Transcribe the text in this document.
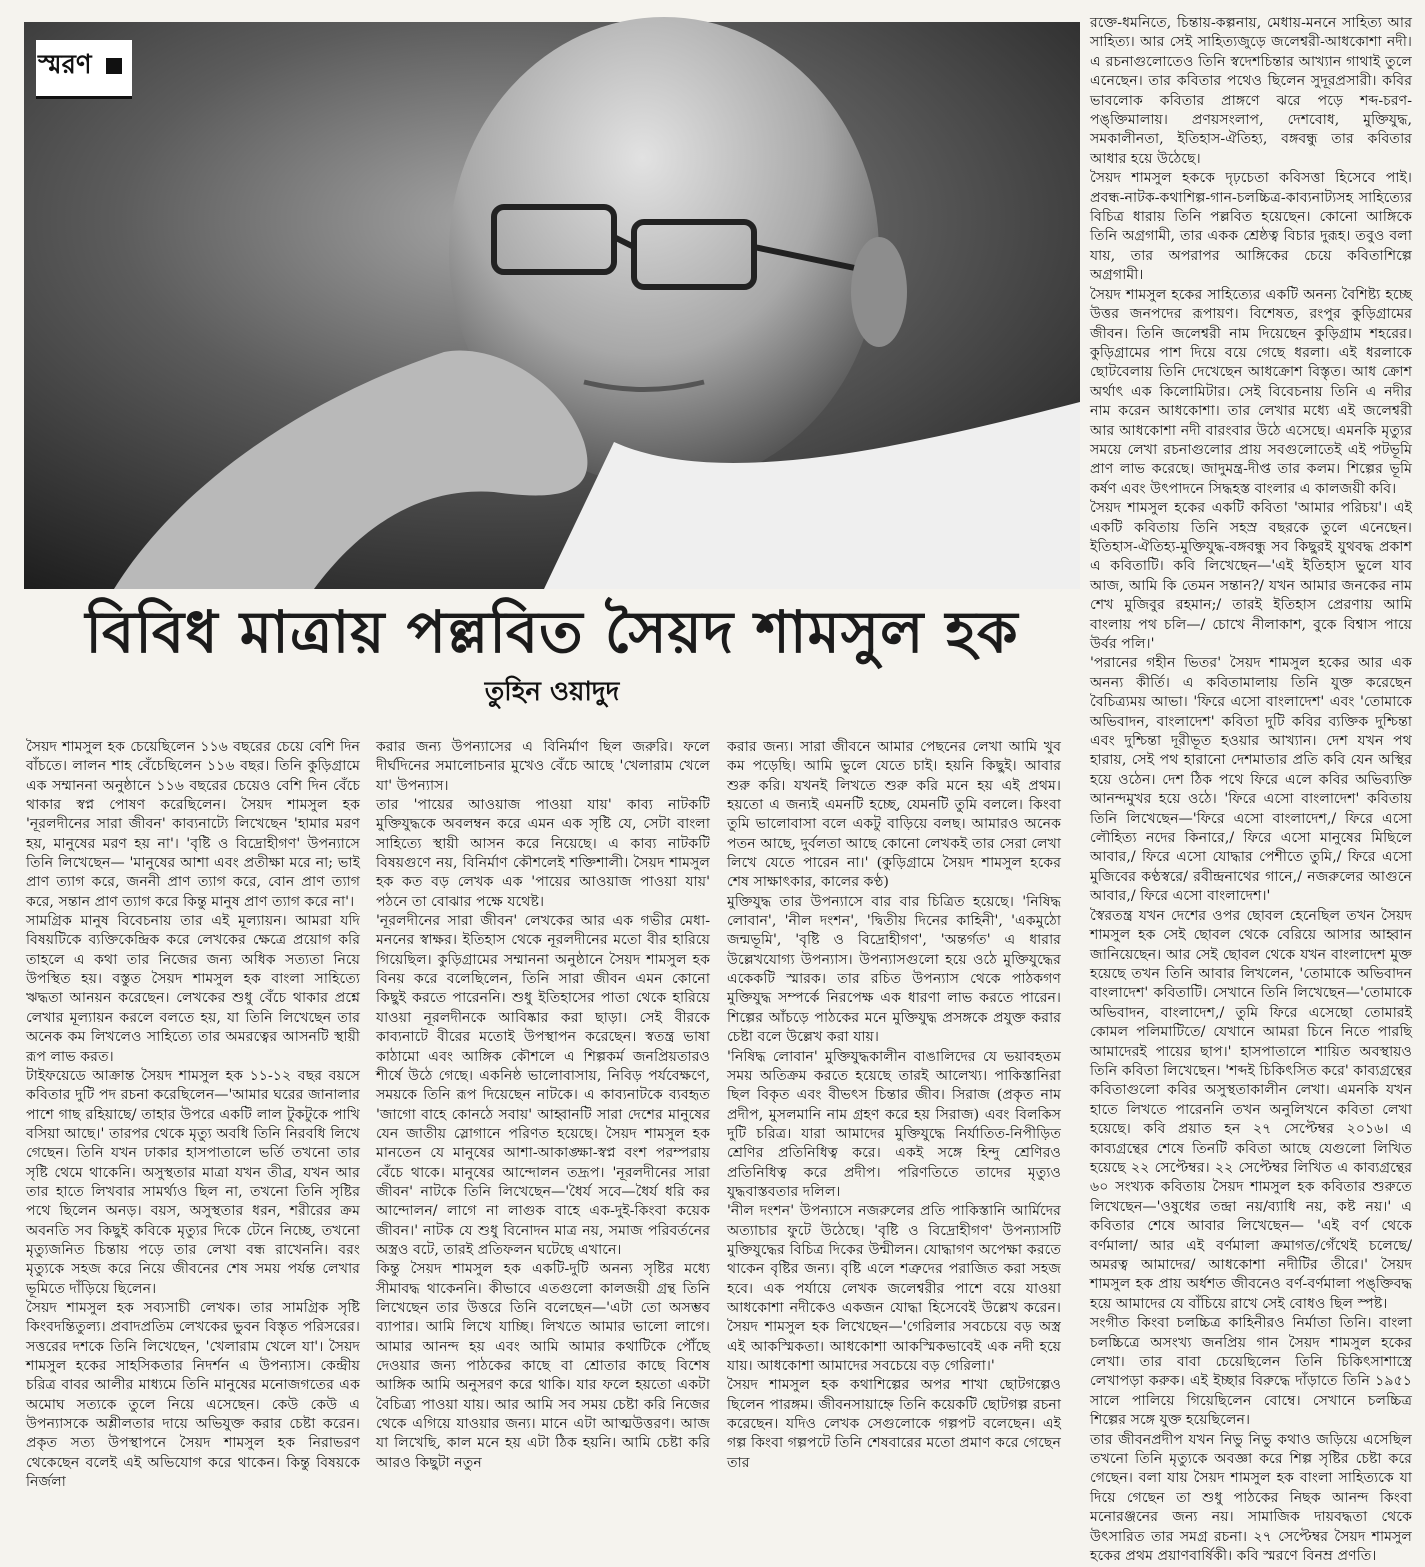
স্মরণ
বিবিধ মাত্রায় পল্লবিত সৈয়দ শামসুল হক
তুহিন ওয়াদুদ

সৈয়দ শামসুল হক চেয়েছিলেন ১১৬ বছরের চেয়ে বেশি দিন বাঁচতে। লালন শাহ বেঁচেছিলেন ১১৬ বছর। তিনি কুড়িগ্রামে এক সম্মাননা অনুষ্ঠানে ১১৬ বছরের চেয়েও বেশি দিন বেঁচে থাকার স্বপ্ন পোষণ করেছিলেন। সৈয়দ শামসুল হক 'নূরলদীনের সারা জীবন' কাব্যনাট্যে লিখেছেন 'হামার মরণ হয়, মানুষের মরণ হয় না'। 'বৃষ্টি ও বিদ্রোহীগণ' উপন্যাসে তিনি লিখেছেন— 'মানুষের আশা এবং প্রতীক্ষা মরে না; ভাই প্রাণ ত্যাগ করে, জননী প্রাণ ত্যাগ করে, বোন প্রাণ ত্যাগ করে, সন্তান প্রাণ ত্যাগ করে কিন্তু মানুষ প্রাণ ত্যাগ করে না'।

সামগ্রিক মানুষ বিবেচনায় তার এই মূল্যায়ন। আমরা যদি বিষয়টিকে ব্যক্তিকেন্দ্রিক করে লেখকের ক্ষেত্রে প্রয়োগ করি তাহলে এ কথা তার নিজের জন্য অধিক সত্যতা নিয়ে উপস্থিত হয়। বস্তুত সৈয়দ শামসুল হক বাংলা সাহিত্যে ঋদ্ধতা আনয়ন করেছেন। লেখকের শুধু বেঁচে থাকার প্রশ্নে লেখার মূল্যায়ন করলে বলতে হয়, যা তিনি লিখেছেন তার অনেক কম লিখলেও সাহিত্যে তার অমরত্বের আসনটি স্থায়ী রূপ লাভ করত।

টাইফয়েডে আক্রান্ত সৈয়দ শামসুল হক ১১-১২ বছর বয়সে কবিতার দুটি পদ রচনা করেছিলেন—'আমার ঘরের জানালার পাশে গাছ রহিয়াছে/ তাহার উপরে একটি লাল টুকটুকে পাখি বসিয়া আছে।' তারপর থেকে মৃত্যু অবধি তিনি নিরবধি লিখে গেছেন। তিনি যখন ঢাকার হাসপাতালে ভর্তি তখনো তার সৃষ্টি থেমে থাকেনি। অসুস্থতার মাত্রা যখন তীব্র, যখন আর তার হাতে লিখবার সামর্থ্যও ছিল না, তখনো তিনি সৃষ্টির পথে ছিলেন অনড়। বয়স, অসুস্থতার ধরন, শরীরের ক্রম অবনতি সব কিছুই কবিকে মৃত্যুর দিকে টেনে নিচ্ছে, তখনো মৃত্যুজনিত চিন্তায় পড়ে তার লেখা বন্ধ রাখেননি। বরং মৃত্যুকে সহজ করে নিয়ে জীবনের শেষ সময় পর্যন্ত লেখার ভূমিতে দাঁড়িয়ে ছিলেন।

সৈয়দ শামসুল হক সব্যসাচী লেখক। তার সামগ্রিক সৃষ্টি কিংবদন্তিতুল্য। প্রবাদপ্রতিম লেখকের ভুবন বিস্তৃত পরিসরের। সত্তরের দশকে তিনি লিখেছেন, 'খেলারাম খেলে যা'। সৈয়দ শামসুল হকের সাহসিকতার নিদর্শন এ উপন্যাস। কেন্দ্রীয় চরিত্র বাবর আলীর মাধ্যমে তিনি মানুষের মনোজগতের এক অমোঘ সত্যকে তুলে নিয়ে এসেছেন। কেউ কেউ এ উপন্যাসকে অশ্লীলতার দায়ে অভিযুক্ত করার চেষ্টা করেন। প্রকৃত সত্য উপস্থাপনে সৈয়দ শামসুল হক নিরাভরণ থেকেছেন বলেই এই অভিযোগ করে থাকেন। কিন্তু বিষয়কে নির্জলা

করার জন্য উপন্যাসের এ বিনির্মাণ ছিল জরুরি। ফলে দীর্ঘদিনের সমালোচনার মুখেও বেঁচে আছে 'খেলারাম খেলে যা' উপন্যাস।

তার 'পায়ের আওয়াজ পাওয়া যায়' কাব্য নাটকটি মুক্তিযুদ্ধকে অবলম্বন করে এমন এক সৃষ্টি যে, সেটা বাংলা সাহিত্যে স্থায়ী আসন করে নিয়েছে। এ কাব্য নাটকটি বিষয়গুণে নয়, বিনির্মাণ কৌশলেই শক্তিশালী। সৈয়দ শামসুল হক কত বড় লেখক এক 'পায়ের আওয়াজ পাওয়া যায়' পঠনে তা বোঝার পক্ষে যথেষ্ট।

'নূরলদীনের সারা জীবন' লেখকের আর এক গভীর মেধা-মননের স্বাক্ষর। ইতিহাস থেকে নূরলদীনের মতো বীর হারিয়ে গিয়েছিল। কুড়িগ্রামের সম্মাননা অনুষ্ঠানে সৈয়দ শামসুল হক বিনয় করে বলেছিলেন, তিনি সারা জীবন এমন কোনো কিছুই করতে পারেননি। শুধু ইতিহাসের পাতা থেকে হারিয়ে যাওয়া নূরলদীনকে আবিষ্কার করা ছাড়া। সেই বীরকে কাব্যনাটে বীরের মতোই উপস্থাপন করেছেন। স্বতন্ত্র ভাষা কাঠামো এবং আঙ্গিক কৌশলে এ শিল্পকর্ম জনপ্রিয়তারও শীর্ষে উঠে গেছে। একনিষ্ঠ ভালোবাসায়, নিবিড় পর্যবেক্ষণে, সময়কে তিনি রূপ দিয়েছেন নাটকে। এ কাব্যনাটকে ব্যবহৃত 'জাগো বাহে কোনঠে সবায়' আহ্বানটি সারা দেশের মানুষের যেন জাতীয় স্লোগানে পরিণত হয়েছে। সৈয়দ শামসুল হক মানতেন যে মানুষের আশা-আকাঙ্ক্ষা-স্বপ্ন বংশ পরম্পরায় বেঁচে থাকে। মানুষের আন্দোলন তদ্রূপ। 'নূরলদীনের সারা জীবন' নাটকে তিনি লিখেছেন—'ধৈর্য সবে—ধৈর্য ধরি কর আন্দোলন/ লাগে না লাগুক বাহে এক-দুই-কিংবা কয়েক জীবন।' নাটক যে শুধু বিনোদন মাত্র নয়, সমাজ পরিবর্তনের অস্ত্রও বটে, তারই প্রতিফলন ঘটেছে এখানে।

কিন্তু সৈয়দ শামসুল হক একটি-দুটি অনন্য সৃষ্টির মধ্যে সীমাবদ্ধ থাকেননি। কীভাবে এতগুলো কালজয়ী গ্রন্থ তিনি লিখেছেন তার উত্তরে তিনি বলেছেন—'এটা তো অসম্ভব ব্যাপার। আমি লিখে যাচ্ছি। লিখতে আমার ভালো লাগে। আমার আনন্দ হয় এবং আমি আমার কথাটিকে পৌঁছে দেওয়ার জন্য পাঠকের কাছে বা শ্রোতার কাছে বিশেষ আঙ্গিক আমি অনুসরণ করে থাকি। যার ফলে হয়তো একটা বৈচিত্র্য পাওয়া যায়। আর আমি সব সময় চেষ্টা করি নিজের থেকে এগিয়ে যাওয়ার জন্য। মানে এটা আত্মউত্তরণ। আজ যা লিখেছি, কাল মনে হয় এটা ঠিক হয়নি। আমি চেষ্টা করি আরও কিছুটা নতুন

করার জন্য। সারা জীবনে আমার পেছনের লেখা আমি খুব কম পড়েছি। আমি ভুলে যেতে চাই। হয়নি কিছুই। আবার শুরু করি। যখনই লিখতে শুরু করি মনে হয় এই প্রথম। হয়তো এ জন্যই এমনটি হচ্ছে, যেমনটি তুমি বললে। কিংবা তুমি ভালোবাসা বলে একটু বাড়িয়ে বলছ। আমারও অনেক পতন আছে, দুর্বলতা আছে কোনো লেখকই তার সেরা লেখা লিখে যেতে পারেন না।' (কুড়িগ্রামে সৈয়দ শামসুল হকের শেষ সাক্ষাৎকার, কালের কণ্ঠ)

মুক্তিযুদ্ধ তার উপন্যাসে বার বার চিত্রিত হয়েছে। 'নিষিদ্ধ লোবান', 'নীল দংশন', 'দ্বিতীয় দিনের কাহিনী', 'একমুঠো জন্মভূমি', 'বৃষ্টি ও বিদ্রোহীগণ', 'অন্তর্গত' এ ধারার উল্লেখযোগ্য উপন্যাস। উপন্যাসগুলো হয়ে ওঠে মুক্তিযুদ্ধের একেকটি স্মারক। তার রচিত উপন্যাস থেকে পাঠকগণ মুক্তিযুদ্ধ সম্পর্কে নিরপেক্ষ এক ধারণা লাভ করতে পারেন। শিল্পের আঁচড়ে পাঠকের মনে মুক্তিযুদ্ধ প্রসঙ্গকে প্রযুক্ত করার চেষ্টা বলে উল্লেখ করা যায়।

'নিষিদ্ধ লোবান' মুক্তিযুদ্ধকালীন বাঙালিদের যে ভয়াবহতম সময় অতিক্রম করতে হয়েছে তারই আলেখ্য। পাকিস্তানিরা ছিল বিকৃত এবং বীভৎস চিন্তার জীব। সিরাজ (প্রকৃত নাম প্রদীপ, মুসলমানি নাম গ্রহণ করে হয় সিরাজ) এবং বিলকিস দুটি চরিত্র। যারা আমাদের মুক্তিযুদ্ধে নির্যাতিত-নিপীড়িত শ্রেণির প্রতিনিধিত্ব করে। একই সঙ্গে হিন্দু শ্রেণিরও প্রতিনিধিত্ব করে প্রদীপ। পরিণতিতে তাদের মৃত্যুও যুদ্ধবাস্তবতার দলিল।

'নীল দংশন' উপন্যাসে নজরুলের প্রতি পাকিস্তানি আর্মিদের অত্যাচার ফুটে উঠেছে। 'বৃষ্টি ও বিদ্রোহীগণ' উপন্যাসটি মুক্তিযুদ্ধের বিচিত্র দিকের উন্মীলন। যোদ্ধাগণ অপেক্ষা করতে থাকেন বৃষ্টির জন্য। বৃষ্টি এলে শত্রুদের পরাজিত করা সহজ হবে। এক পর্যায়ে লেখক জলেশ্বরীর পাশে বয়ে যাওয়া আধকোশা নদীকেও একজন যোদ্ধা হিসেবেই উল্লেখ করেন। সৈয়দ শামসুল হক লিখেছেন—'গেরিলার সবচেয়ে বড় অস্ত্র এই আকস্মিকতা। আধকোশা আকস্মিকভাবেই এক নদী হয়ে যায়। আধকোশা আমাদের সবচেয়ে বড় গেরিলা।'

সৈয়দ শামসুল হক কথাশিল্পের অপর শাখা ছোটগল্পেও ছিলেন পারঙ্গম। জীবনসায়াহ্নে তিনি কয়েকটি ছোটগল্প রচনা করেছেন। যদিও লেখক সেগুলোকে গল্পপট বলেছেন। এই গল্প কিংবা গল্পপটে তিনি শেষবারের মতো প্রমাণ করে গেছেন তার

রক্তে-ধমনিতে, চিন্তায়-কল্পনায়, মেধায়-মননে সাহিত্য আর সাহিত্য। আর সেই সাহিত্যজুড়ে জলেশ্বরী-আধকোশা নদী। এ রচনাগুলোতেও তিনি স্বদেশচিন্তার আখ্যান গাথাই তুলে এনেছেন। তার কবিতার পথেও ছিলেন সুদূরপ্রসারী। কবির ভাবলোক কবিতার প্রাঙ্গণে ঝরে পড়ে শব্দ-চরণ-পঙ্‌ক্তিমালায়। প্রণয়সংলাপ, দেশবোধ, মুক্তিযুদ্ধ, সমকালীনতা, ইতিহাস-ঐতিহ্য, বঙ্গবন্ধু তার কবিতার আধার হয়ে উঠেছে।

সৈয়দ শামসুল হককে দৃঢ়চেতা কবিসত্তা হিসেবে পাই। প্রবন্ধ-নাটক-কথাশিল্প-গান-চলচ্চিত্র-কাব্যনাট্যসহ সাহিত্যের বিচিত্র ধারায় তিনি পল্লবিত হয়েছেন। কোনো আঙ্গিকে তিনি অগ্রগামী, তার একক শ্রেষ্ঠত্ব বিচার দুরূহ। তবুও বলা যায়, তার অপরাপর আঙ্গিকের চেয়ে কবিতাশিল্পে অগ্রগামী।

সৈয়দ শামসুল হকের সাহিত্যের একটি অনন্য বৈশিষ্ট্য হচ্ছে উত্তর জনপদের রূপায়ণ। বিশেষত, রংপুর কুড়িগ্রামের জীবন। তিনি জলেশ্বরী নাম দিয়েছেন কুড়িগ্রাম শহরের। কুড়িগ্রামের পাশ দিয়ে বয়ে গেছে ধরলা। এই ধরলাকে ছোটবেলায় তিনি দেখেছেন আধক্রোশ বিস্তৃত। আধ ক্রোশ অর্থাৎ এক কিলোমিটার। সেই বিবেচনায় তিনি এ নদীর নাম করেন আধকোশা। তার লেখার মধ্যে এই জলেশ্বরী আর আধকোশা নদী বারংবার উঠে এসেছে। এমনকি মৃত্যুর সময়ে লেখা রচনাগুলোর প্রায় সবগুলোতেই এই পটভূমি প্রাণ লাভ করেছে। জাদুমন্ত্র-দীপ্ত তার কলম। শিল্পের ভূমি কর্ষণ এবং উৎপাদনে সিদ্ধহস্ত বাংলার এ কালজয়ী কবি।

সৈয়দ শামসুল হকের একটি কবিতা 'আমার পরিচয়'। এই একটি কবিতায় তিনি সহস্র বছরকে তুলে এনেছেন। ইতিহাস-ঐতিহ্য-মুক্তিযুদ্ধ-বঙ্গবন্ধু সব কিছুরই যুথবদ্ধ প্রকাশ এ কবিতাটি। কবি লিখেছেন—'এই ইতিহাস ভুলে যাব আজ, আমি কি তেমন সন্তান?/ যখন আমার জনকের নাম শেখ মুজিবুর রহমান;/ তারই ইতিহাস প্রেরণায় আমি বাংলায় পথ চলি—/ চোখে নীলাকাশ, বুকে বিশ্বাস পায়ে উর্বর পলি।'

'পরানের গহীন ভিতর' সৈয়দ শামসুল হকের আর এক অনন্য কীর্তি। এ কবিতামালায় তিনি যুক্ত করেছেন বৈচিত্র্যময় আভা। 'ফিরে এসো বাংলাদেশ' এবং 'তোমাকে অভিবাদন, বাংলাদেশ' কবিতা দুটি কবির ব্যক্তিক দুশ্চিন্তা এবং দুশ্চিন্তা দূরীভূত হওয়ার আখ্যান। দেশ যখন পথ হারায়, সেই পথ হারানো দেশমাতার প্রতি কবি যেন অস্থির হয়ে ওঠেন। দেশ ঠিক পথে ফিরে এলে কবির অভিব্যক্তি আনন্দমুখর হয়ে ওঠে। 'ফিরে এসো বাংলাদেশ' কবিতায় তিনি লিখেছেন—'ফিরে এসো বাংলাদেশ,/ ফিরে এসো লৌহিত্য নদের কিনারে,/ ফিরে এসো মানুষের মিছিলে আবার,/ ফিরে এসো যোদ্ধার পেশীতে তুমি,/ ফিরে এসো মুজিবের কণ্ঠস্বরে/ রবীন্দ্রনাথের গানে,/ নজরুলের আগুনে আবার,/ ফিরে এসো বাংলাদেশ।'

স্বৈরতন্ত্র যখন দেশের ওপর ছোবল হেনেছিল তখন সৈয়দ শামসুল হক সেই ছোবল থেকে বেরিয়ে আসার আহ্বান জানিয়েছেন। আর সেই ছোবল থেকে যখন বাংলাদেশ মুক্ত হয়েছে তখন তিনি আবার লিখলেন, 'তোমাকে অভিবাদন বাংলাদেশ' কবিতাটি। সেখানে তিনি লিখেছেন—'তোমাকে অভিবাদন, বাংলাদেশ,/ তুমি ফিরে এসেছো তোমারই কোমল পলিমাটিতে/ যেখানে আমরা চিনে নিতে পারছি আমাদেরই পায়ের ছাপ।' হাসপাতালে শায়িত অবস্থায়ও তিনি কবিতা লিখেছেন। 'শব্দই চিকিৎসিত করে' কাব্যগ্রন্থের কবিতাগুলো কবির অসুস্থতাকালীন লেখা। এমনকি যখন হাতে লিখতে পারেননি তখন অনুলিখনে কবিতা লেখা হয়েছে। কবি প্রয়াত হন ২৭ সেপ্টেম্বর ২০১৬। এ কাব্যগ্রন্থের শেষে তিনটি কবিতা আছে যেগুলো লিখিত হয়েছে ২২ সেপ্টেম্বর। ২২ সেপ্টেম্বর লিখিত এ কাব্যগ্রন্থের ৬০ সংখ্যক কবিতায় সৈয়দ শামসুল হক কবিতার শুরুতে লিখেছেন—'ওষুধের তন্দ্রা নয়/ব্যাধি নয়, কষ্ট নয়।' এ কবিতার শেষে আবার লিখেছেন— 'এই বর্ণ থেকে বর্ণমালা/ আর এই বর্ণমালা ক্রমাগত/গেঁথেই চলেছে/ অমরত্ব আমাদের/ আধকোশা নদীটির তীরে।' সৈয়দ শামসুল হক প্রায় অর্ধশত জীবনেও বর্ণ-বর্ণমালা পঙ্‌ক্তিবদ্ধ হয়ে আমাদের যে বাঁচিয়ে রাখে সেই বোধও ছিল স্পষ্ট।

সংগীত কিংবা চলচ্চিত্র কাহিনীরও নির্মাতা তিনি। বাংলা চলচ্চিত্রে অসংখ্য জনপ্রিয় গান সৈয়দ শামসুল হকের লেখা। তার বাবা চেয়েছিলেন তিনি চিকিৎসাশাস্ত্রে লেখাপড়া করুক। এই ইচ্ছার বিরুদ্ধে দাঁড়াতে তিনি ১৯৫১ সালে পালিয়ে গিয়েছিলেন বোম্বে। সেখানে চলচ্চিত্র শিল্পের সঙ্গে যুক্ত হয়েছিলেন।

তার জীবনপ্রদীপ যখন নিভু নিভু কথাও জড়িয়ে এসেছিল তখনো তিনি মৃত্যুকে অবজ্ঞা করে শিল্প সৃষ্টির চেষ্টা করে গেছেন। বলা যায় সৈয়দ শামসুল হক বাংলা সাহিত্যকে যা দিয়ে গেছেন তা শুধু পাঠকের নিছক আনন্দ কিংবা মনোরঞ্জনের জন্য নয়। সামাজিক দায়বদ্ধতা থেকে উৎসারিত তার সমগ্র রচনা। ২৭ সেপ্টেম্বর সৈয়দ শামসুল হকের প্রথম প্রয়াণবার্ষিকী। কবি স্মরণে বিনম্র প্রণতি।
